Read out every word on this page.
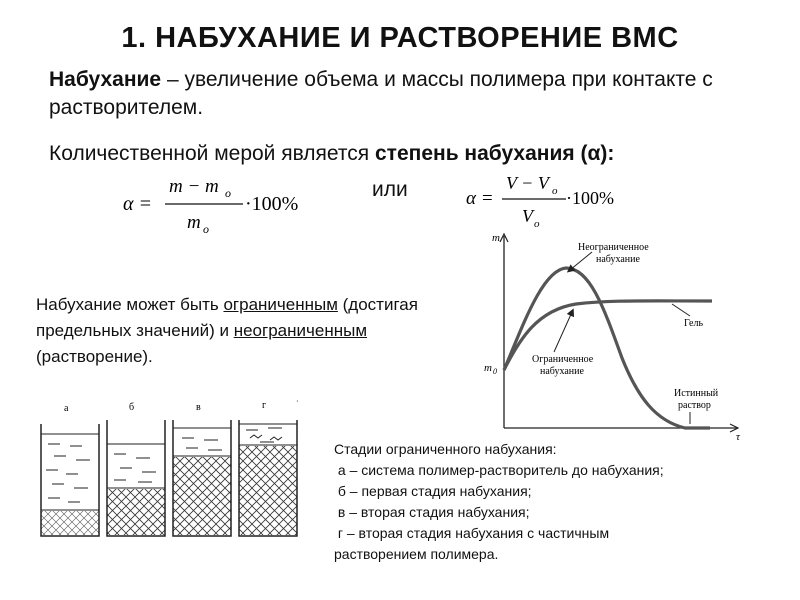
1. НАБУХАНИЕ И РАСТВОРЕНИЕ ВМС
Набухание – увеличение объема и массы полимера при контакте с растворителем.
Количественной мерой является степень набухания (α):
α =
m − m o
m o
·100%
или	α =
V − V o
V o
·100%
Набухание может быть ограниченным (достигая предельных значений) и неограниченным (растворение).
m
τ
m 0
Неограниченное
набухание
Гель
Ограниченное
набухание
Истинный
раствор
а	б	в	г	·
Стадии ограниченного набухания:
а – система полимер-растворитель до набухания;
б – первая стадия набухания;
в – вторая стадия набухания;
г – вторая стадия набухания с частичным
растворением полимера.
